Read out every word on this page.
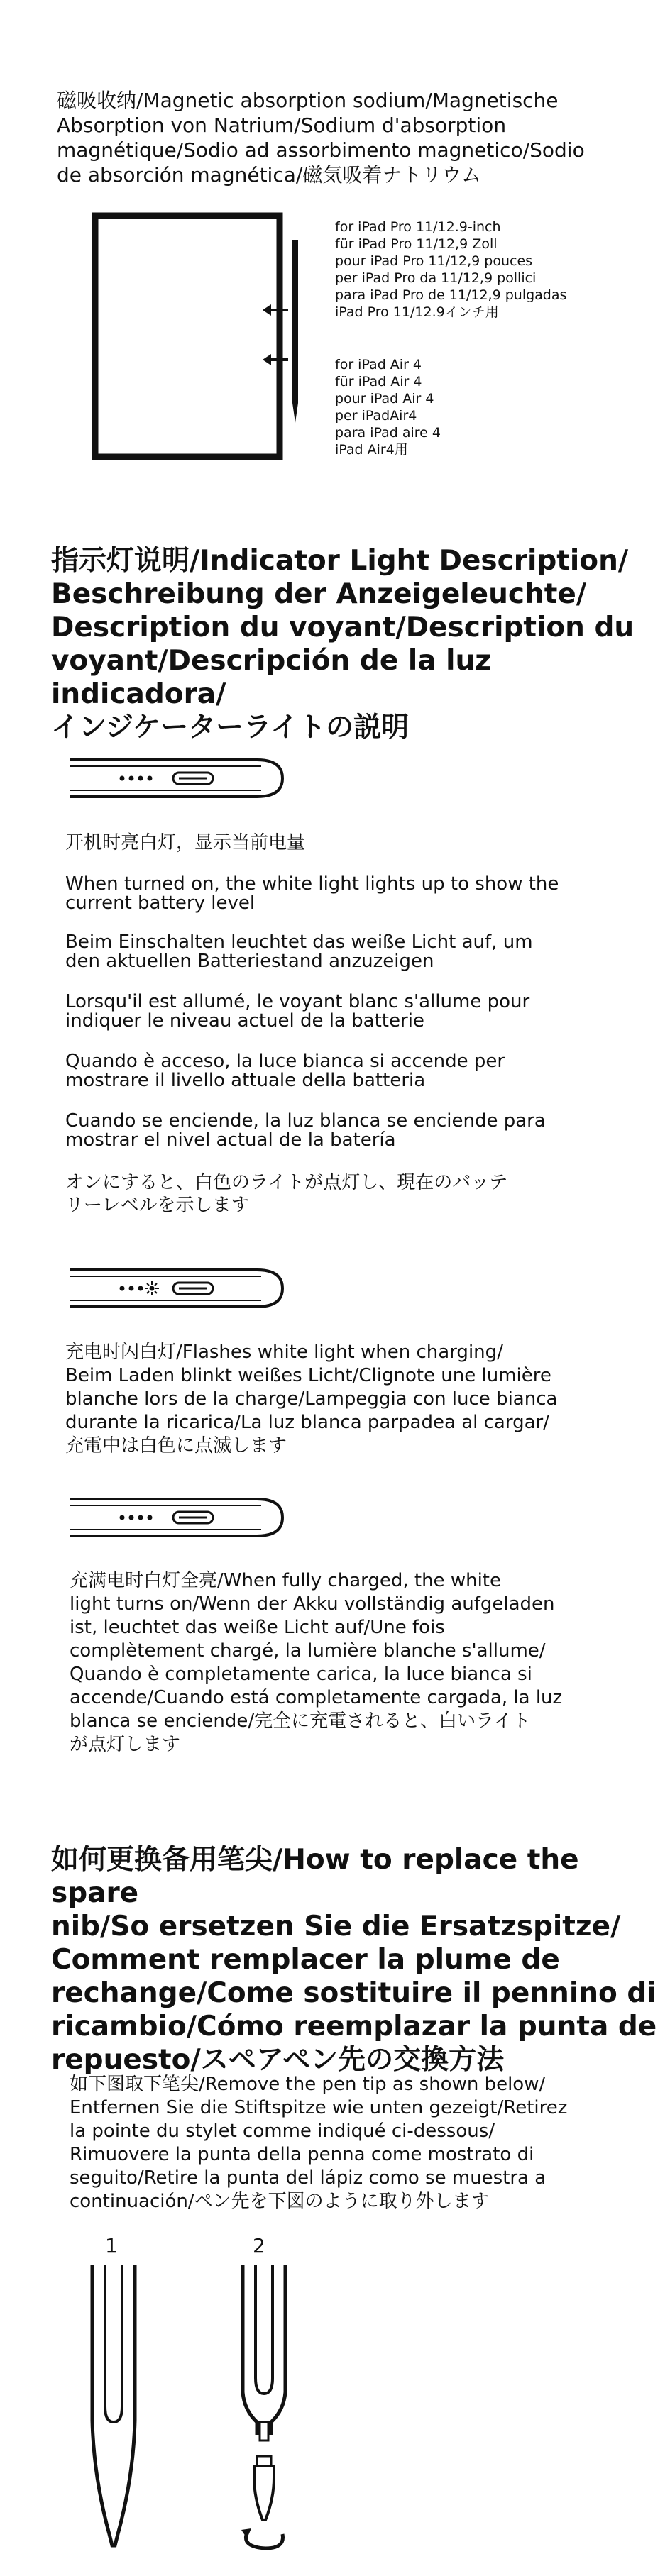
磁吸收纳/Magnetic absorption sodium/Magnetische
Absorption von Natrium/Sodium d'absorption
magnétique/Sodio ad assorbimento magnetico/Sodio
de absorción magnética/磁気吸着ナトリウム
for iPad Pro 11/12.9-inch
für iPad Pro 11/12,9 Zoll
pour iPad Pro 11/12,9 pouces
per iPad Pro da 11/12,9 pollici
para iPad Pro de 11/12,9 pulgadas
iPad Pro 11/12.9インチ用
for iPad Air 4
für iPad Air 4
pour iPad Air 4
per iPadAir4
para iPad aire 4
iPad Air4用
指示灯说明/Indicator Light Description/
Beschreibung der Anzeigeleuchte/
Description du voyant/Description du
voyant/Descripción de la luz indicadora/
インジケーターライトの説明
开机时亮白灯，显示当前电量
When turned on, the white light lights up to show the
current battery level
Beim Einschalten leuchtet das weiße Licht auf, um
den aktuellen Batteriestand anzuzeigen
Lorsqu'il est allumé, le voyant blanc s'allume pour
indiquer le niveau actuel de la batterie
Quando è acceso, la luce bianca si accende per
mostrare il livello attuale della batteria
Cuando se enciende, la luz blanca se enciende para
mostrar el nivel actual de la batería
オンにすると、白色のライトが点灯し、現在のバッテ
リーレベルを示します
充电时闪白灯/Flashes white light when charging/
Beim Laden blinkt weißes Licht/Clignote une lumière
blanche lors de la charge/Lampeggia con luce bianca
durante la ricarica/La luz blanca parpadea al cargar/
充電中は白色に点滅します
充满电时白灯全亮/When fully charged, the white
light turns on/Wenn der Akku vollständig aufgeladen
ist, leuchtet das weiße Licht auf/Une fois
complètement chargé, la lumière blanche s'allume/
Quando è completamente carica, la luce bianca si
accende/Cuando está completamente cargada, la luz
blanca se enciende/完全に充電されると、白いライト
が点灯します
如何更换备用笔尖/How to replace the spare
nib/So ersetzen Sie die Ersatzspitze/
Comment remplacer la plume de
rechange/Come sostituire il pennino di
ricambio/Cómo reemplazar la punta de
repuesto/スペアペン先の交換方法
如下图取下笔尖/Remove the pen tip as shown below/
Entfernen Sie die Stiftspitze wie unten gezeigt/Retirez
la pointe du stylet comme indiqué ci-dessous/
Rimuovere la punta della penna come mostrato di
seguito/Retire la punta del lápiz como se muestra a
continuación/ペン先を下図のように取り外します
1	2
